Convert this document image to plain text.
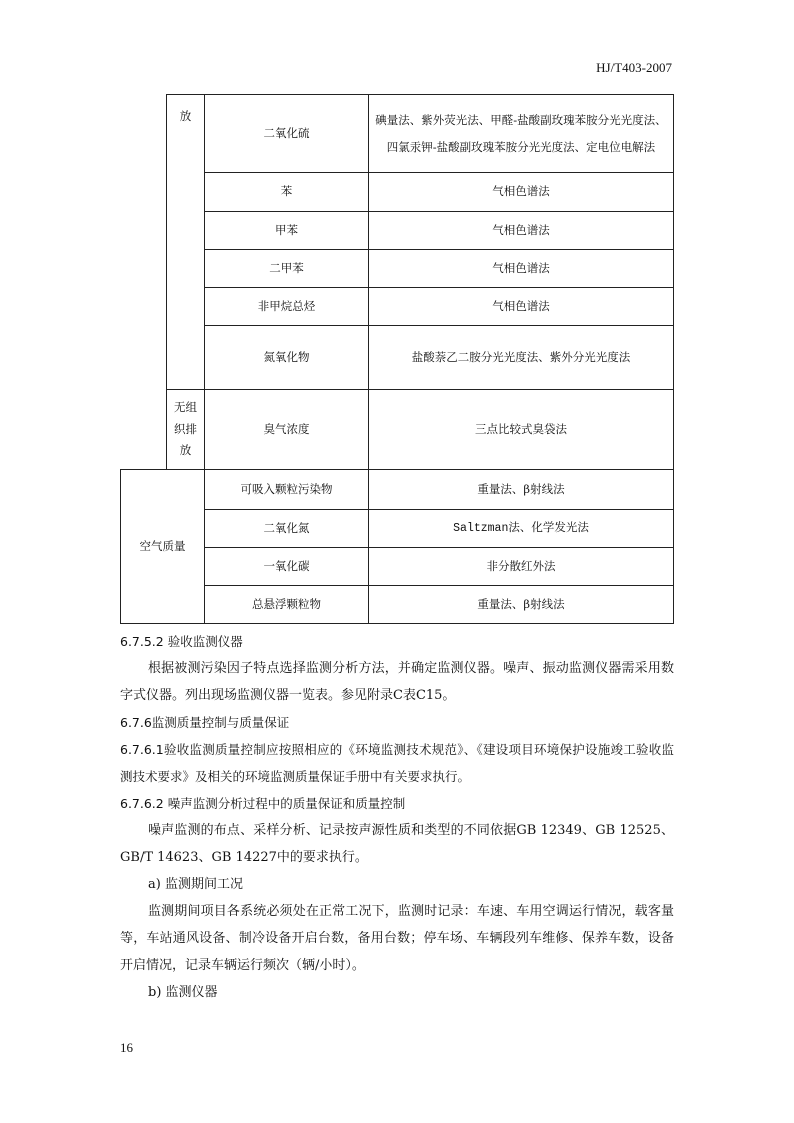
HJ/T403-2007
	放	二氧化硫	碘量法、紫外荧光法、甲醛-盐酸副玫瑰苯胺分光光度法、
四氯汞钾-盐酸副玫瑰苯胺分光光度法、定电位电解法

		苯	气相色谱法
		甲苯	气相色谱法
		二甲苯	气相色谱法
		非甲烷总烃	气相色谱法
		氮氧化物	盐酸萘乙二胺分光光度法、紫外分光光度法

	无组
织排
放	臭气浓度	三点比较式臭袋法
空气质量		可吸入颗粒污染物	重量法、β射线法
		二氧化氮	Saltzman法、化学发光法
		一氧化碳	非分散红外法
		总悬浮颗粒物	重量法、β射线法

6.7.5.2 验收监测仪器

根据被测污染因子特点选择监测分析方法，并确定监测仪器。噪声、振动监测仪器需采用数字式仪器。列出现场监测仪器一览表。参见附录C表C15。

6.7.6监测质量控制与质量保证

6.7.6.1验收监测质量控制应按照相应的《环境监测技术规范》、《建设项目环境保护设施竣工验收监测技术要求》及相关的环境监测质量保证手册中有关要求执行。

6.7.6.2 噪声监测分析过程中的质量保证和质量控制

噪声监测的布点、采样分析、记录按声源性质和类型的不同依据GB 12349、GB 12525、GB/T 14623、GB 14227中的要求执行。

a) 监测期间工况

监测期间项目各系统必须处在正常工况下，监测时记录：车速、车用空调运行情况，载客量等，车站通风设备、制冷设备开启台数，备用台数；停车场、车辆段列车维修、保养车数，设备开启情况，记录车辆运行频次（辆/小时）。

b) 监测仪器

16
